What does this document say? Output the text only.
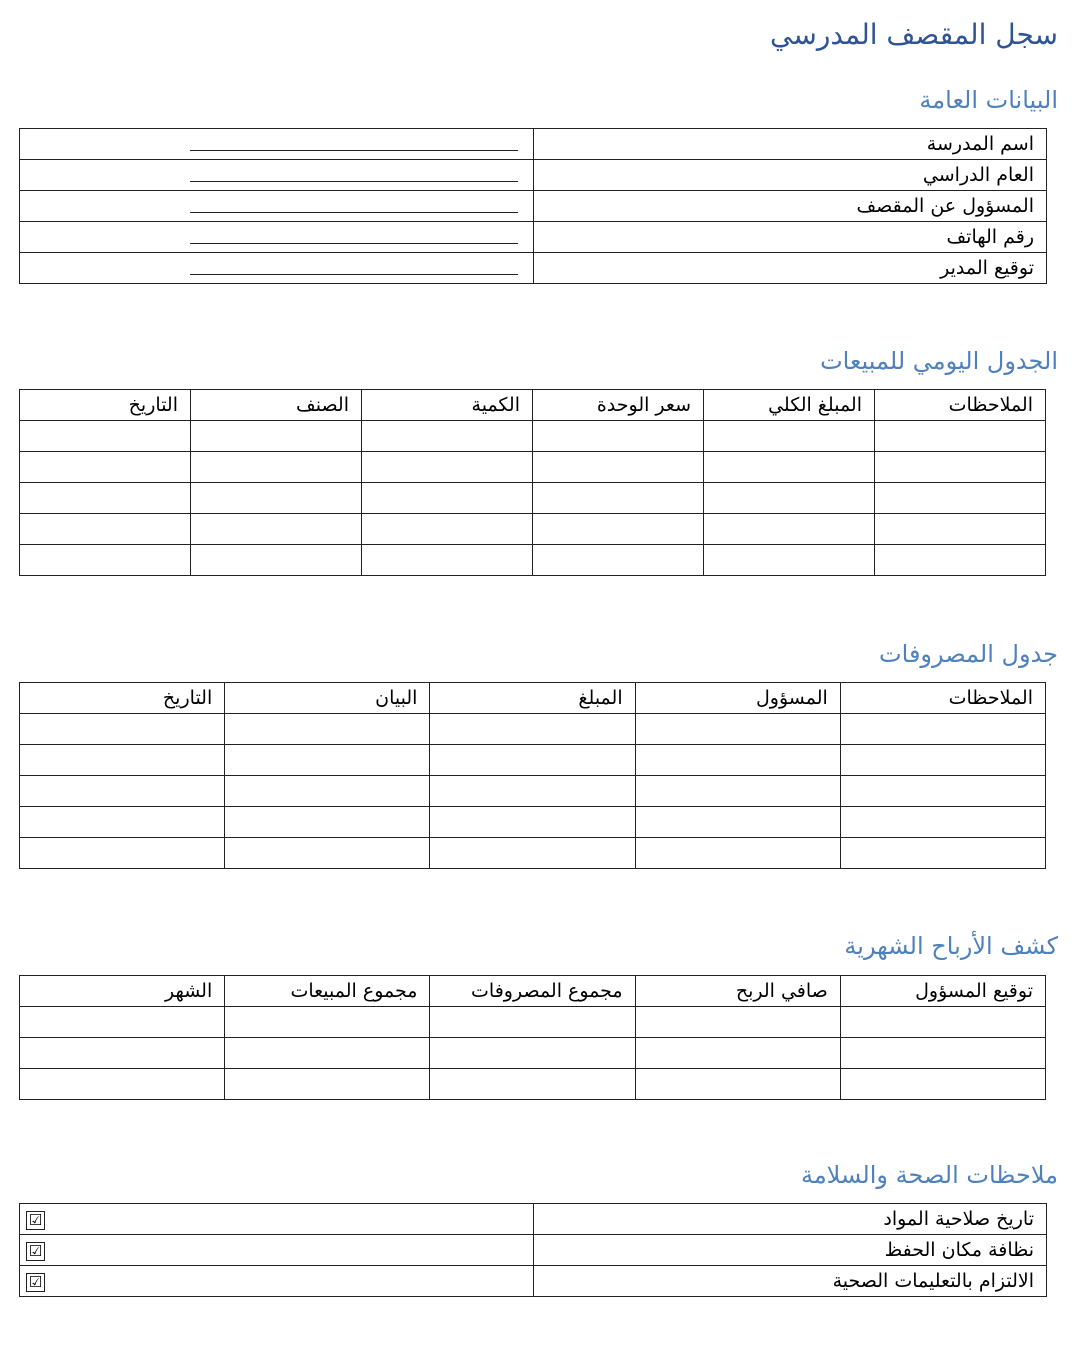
سجل المقصف المدرسي
البيانات العامة
اسم المدرسة	
العام الدراسي	
المسؤول عن المقصف	
رقم الهاتف	
توقيع المدير	
الجدول اليومي للمبيعات
الملاحظات	المبلغ الكلي	سعر الوحدة	الكمية	الصنف	التاريخ

جدول المصروفات
الملاحظات	المسؤول	المبلغ	البيان	التاريخ

كشف الأرباح الشهرية
توقيع المسؤول	صافي الربح	مجموع المصروفات	مجموع المبيعات	الشهر

ملاحظات الصحة والسلامة
تاريخ صلاحية المواد	☑
نظافة مكان الحفظ	☑
الالتزام بالتعليمات الصحية	☑
